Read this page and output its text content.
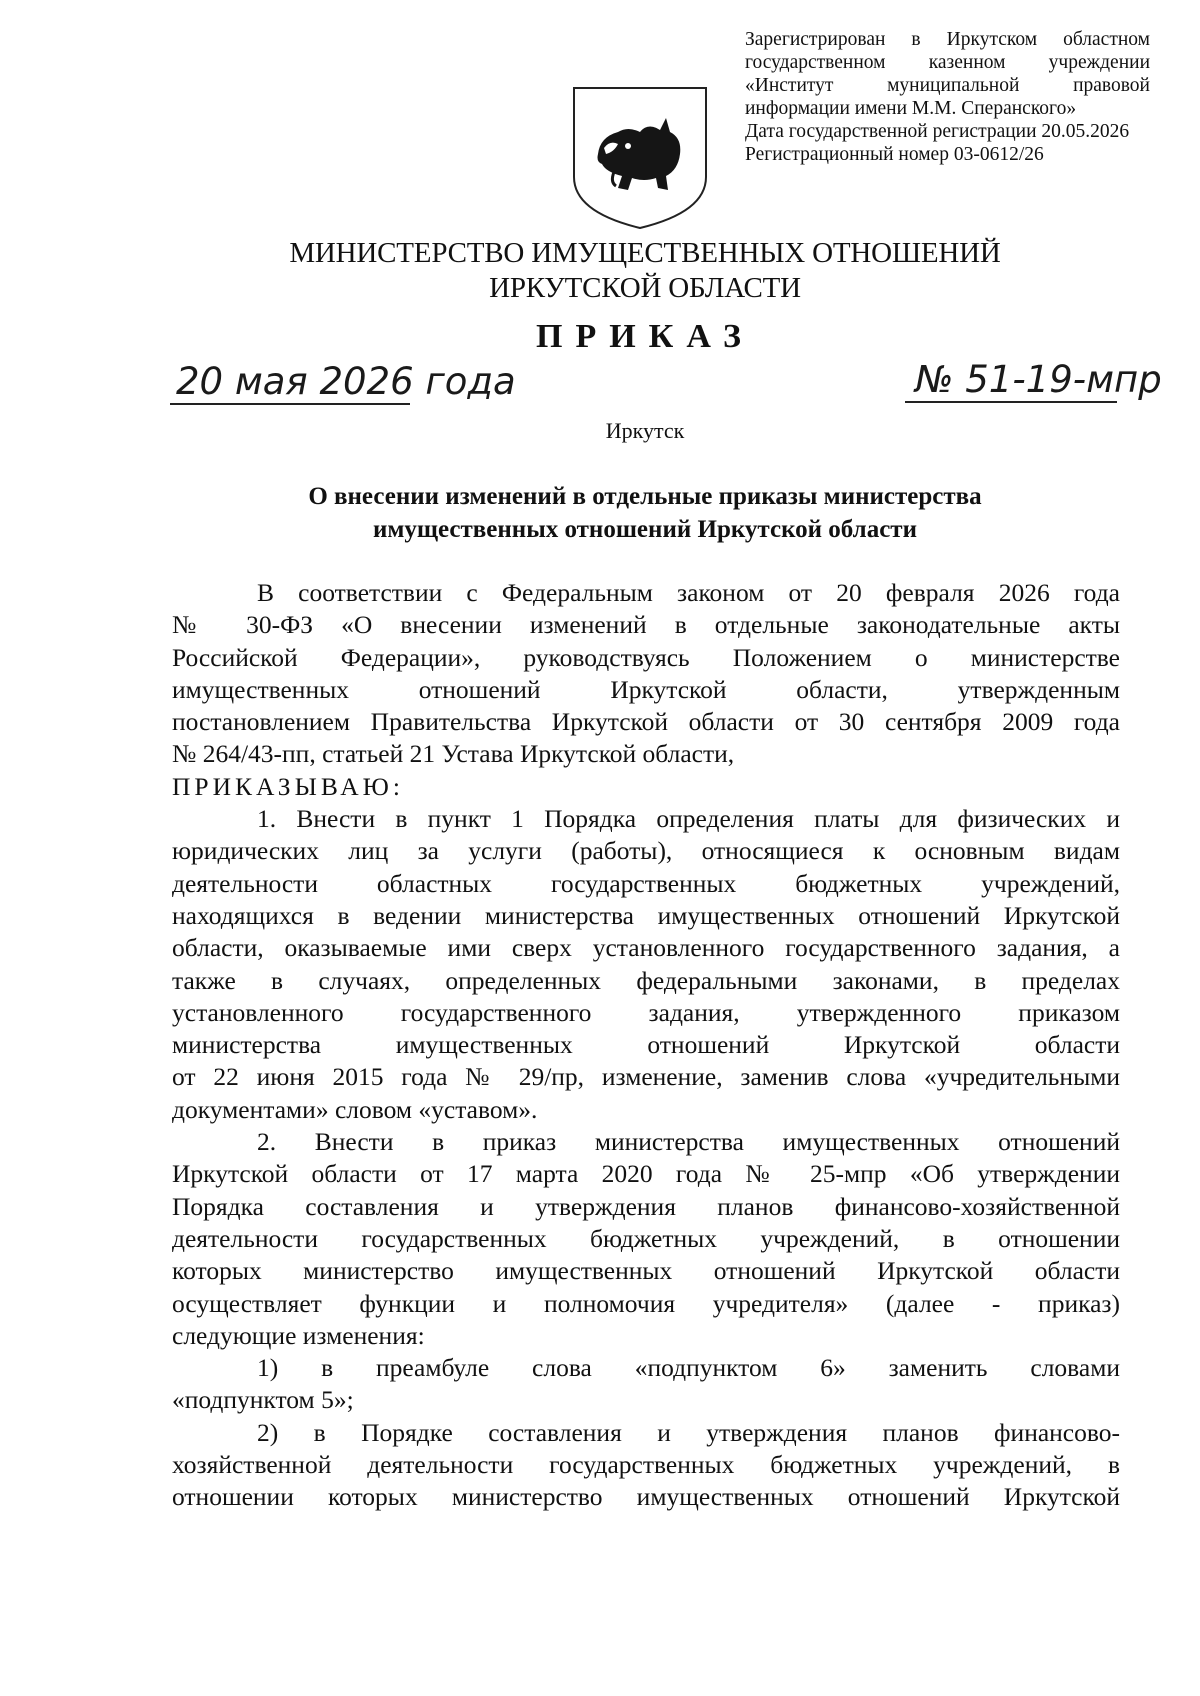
Зарегистрирован в Иркутском областном
государственном казенном учреждении
«Институт муниципальной правовой
информации имени М.М. Сперанского»
Дата государственной регистрации 20.05.2026
Регистрационный номер 03-0612/26
МИНИСТЕРСТВО ИМУЩЕСТВЕННЫХ ОТНОШЕНИЙ
ИРКУТСКОЙ ОБЛАСТИ
ПРИКАЗ
20 мая 2026 года	№ 51-19-мпр
Иркутск
О внесении изменений в отдельные приказы министерства
имущественных отношений Иркутской области
В соответствии с Федеральным законом от 20 февраля 2026 года
№ 30-ФЗ «О внесении изменений в отдельные законодательные акты
Российской Федерации», руководствуясь Положением о министерстве
имущественных отношений Иркутской области, утвержденным
постановлением Правительства Иркутской области от 30 сентября 2009 года
№ 264/43-пп, статьей 21 Устава Иркутской области,
ПРИКАЗЫВАЮ:
1. Внести в пункт 1 Порядка определения платы для физических и
юридических лиц за услуги (работы), относящиеся к основным видам
деятельности областных государственных бюджетных учреждений,
находящихся в ведении министерства имущественных отношений Иркутской
области, оказываемые ими сверх установленного государственного задания, а
также в случаях, определенных федеральными законами, в пределах
установленного государственного задания, утвержденного приказом
министерства имущественных отношений Иркутской области
от 22 июня 2015 года № 29/пр, изменение, заменив слова «учредительными
документами» словом «уставом».
2. Внести в приказ министерства имущественных отношений
Иркутской области от 17 марта 2020 года № 25-мпр «Об утверждении
Порядка составления и утверждения планов финансово-хозяйственной
деятельности государственных бюджетных учреждений, в отношении
которых министерство имущественных отношений Иркутской области
осуществляет функции и полномочия учредителя» (далее - приказ)
следующие изменения:
1) в преамбуле слова «подпунктом 6» заменить словами
«подпунктом 5»;
2) в Порядке составления и утверждения планов финансово-
хозяйственной деятельности государственных бюджетных учреждений, в
отношении которых министерство имущественных отношений Иркутской
